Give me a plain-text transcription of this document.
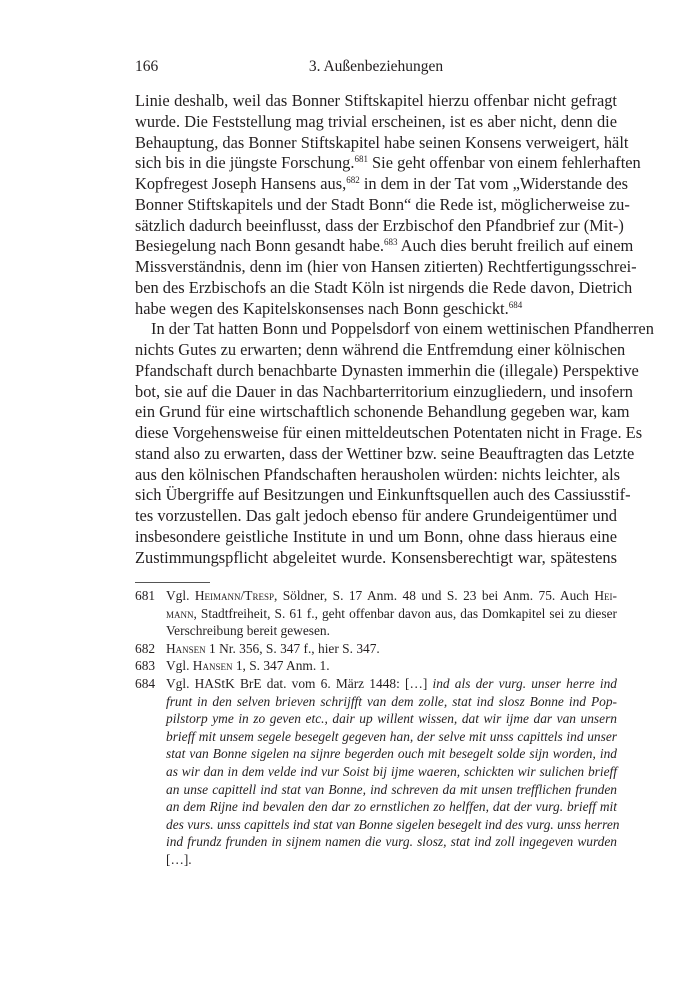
166	3. Außenbeziehungen
Linie deshalb, weil das Bonner Stiftskapitel hierzu offenbar nicht gefragt
wurde. Die Feststellung mag trivial erscheinen, ist es aber nicht, denn die
Behauptung, das Bonner Stiftskapitel habe seinen Konsens verweigert, hält
sich bis in die jüngste Forschung.$^{681}$ Sie geht offenbar von einem fehlerhaften
Kopfregest Joseph Hansens aus,$^{682}$ in dem in der Tat vom „Widerstande des
Bonner Stiftskapitels und der Stadt Bonn“ die Rede ist, möglicherweise zu-
sätzlich dadurch beeinflusst, dass der Erzbischof den Pfandbrief zur (Mit-)
Besiegelung nach Bonn gesandt habe.$^{683}$ Auch dies beruht freilich auf einem
Missverständnis, denn im (hier von Hansen zitierten) Rechtfertigungsschrei-
ben des Erzbischofs an die Stadt Köln ist nirgends die Rede davon, Dietrich
habe wegen des Kapitelskonsenses nach Bonn geschickt.$^{684}$
In der Tat hatten Bonn und Poppelsdorf von einem wettinischen Pfandherren
nichts Gutes zu erwarten; denn während die Entfremdung einer kölnischen
Pfandschaft durch benachbarte Dynasten immerhin die (illegale) Perspektive
bot, sie auf die Dauer in das Nachbarterritorium einzugliedern, und insofern
ein Grund für eine wirtschaftlich schonende Behandlung gegeben war, kam
diese Vorgehensweise für einen mitteldeutschen Potentaten nicht in Frage. Es
stand also zu erwarten, dass der Wettiner bzw. seine Beauftragten das Letzte
aus den kölnischen Pfandschaften herausholen würden: nichts leichter, als
sich Übergriffe auf Besitzungen und Einkunftsquellen auch des Cassiusstif-
tes vorzustellen. Das galt jedoch ebenso für andere Grundeigentümer und
insbesondere geistliche Institute in und um Bonn, ohne dass hieraus eine
Zustimmungspflicht abgeleitet wurde. Konsensberechtigt war, spätestens
681 Vgl. Heimann/Tresp, Söldner, S. 17 Anm. 48 und S. 23 bei Anm. 75. Auch Hei-
mann, Stadtfreiheit, S. 61 f., geht offenbar davon aus, das Domkapitel sei zu dieser
Verschreibung bereit gewesen.
682 Hansen 1 Nr. 356, S. 347 f., hier S. 347.
683 Vgl. Hansen 1, S. 347 Anm. 1.
684 Vgl. HAStK BrE dat. vom 6. März 1448: […] ind als der vurg. unser herre ind
frunt in den selven brieven schrijfft van dem zolle, stat ind slosz Bonne ind Pop-
pilstorp yme in zo geven etc., dair up willent wissen, dat wir ijme dar van unsern
brieff mit unsem segele besegelt gegeven han, der selve mit unss capittels ind unser
stat van Bonne sigelen na sijnre begerden ouch mit besegelt solde sijn worden, ind
as wir dan in dem velde ind vur Soist bij ijme waeren, schickten wir sulichen brieff
an unse capittell ind stat van Bonne, ind schreven da mit unsen trefflichen frunden
an dem Rijne ind bevalen den dar zo ernstlichen zo helffen, dat der vurg. brieff mit
des vurs. unss capittels ind stat van Bonne sigelen besegelt ind des vurg. unss herren
ind frundz frunden in sijnem namen die vurg. slosz, stat ind zoll ingegeven wurden
[…].
